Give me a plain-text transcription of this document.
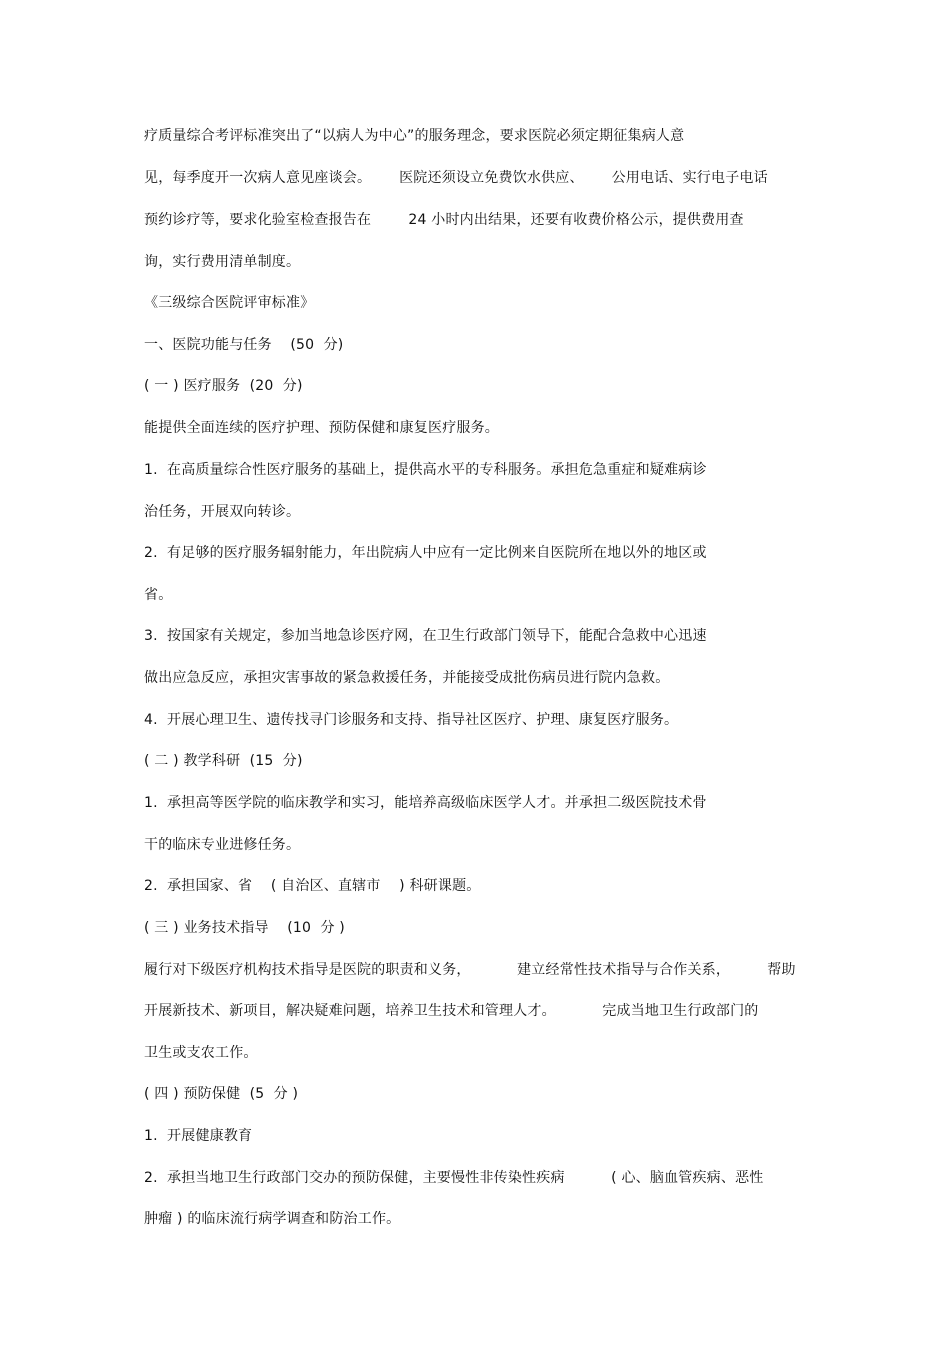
疗质量综合考评标准突出了“以病人为中心”的服务理念，要求医院必须定期征集病人意
见，每季度开一次病人意见座谈会。      医院还须设立免费饮水供应、      公用电话、实行电子电话
预约诊疗等，要求化验室检查报告在        24 小时内出结果，还要有收费价格公示，提供费用查
询，实行费用清单制度。
《三级综合医院评审标准》
一、医院功能与任务    (50  分)
( 一 ) 医疗服务  (20  分)
能提供全面连续的医疗护理、预防保健和康复医疗服务。
1.  在高质量综合性医疗服务的基础上，提供高水平的专科服务。承担危急重症和疑难病诊
治任务，开展双向转诊。
2.  有足够的医疗服务辐射能力，年出院病人中应有一定比例来自医院所在地以外的地区或
省。
3.  按国家有关规定，参加当地急诊医疗网，在卫生行政部门领导下，能配合急救中心迅速
做出应急反应，承担灾害事故的紧急救援任务，并能接受成批伤病员进行院内急救。
4.  开展心理卫生、遗传找寻门诊服务和支持、指导社区医疗、护理、康复医疗服务。
( 二 ) 教学科研  (15  分)
1.  承担高等医学院的临床教学和实习，能培养高级临床医学人才。并承担二级医院技术骨
干的临床专业进修任务。
2.  承担国家、省    ( 自治区、直辖市    ) 科研课题。
( 三 ) 业务技术指导    (10  分 )
履行对下级医疗机构技术指导是医院的职责和义务，          建立经常性技术指导与合作关系，        帮助
开展新技术、新项目，解决疑难问题，培养卫生技术和管理人才。          完成当地卫生行政部门的
卫生或支农工作。
( 四 ) 预防保健  (5  分 )
1.  开展健康教育
2.  承担当地卫生行政部门交办的预防保健，主要慢性非传染性疾病          ( 心、脑血管疾病、恶性
肿瘤 ) 的临床流行病学调查和防治工作。
